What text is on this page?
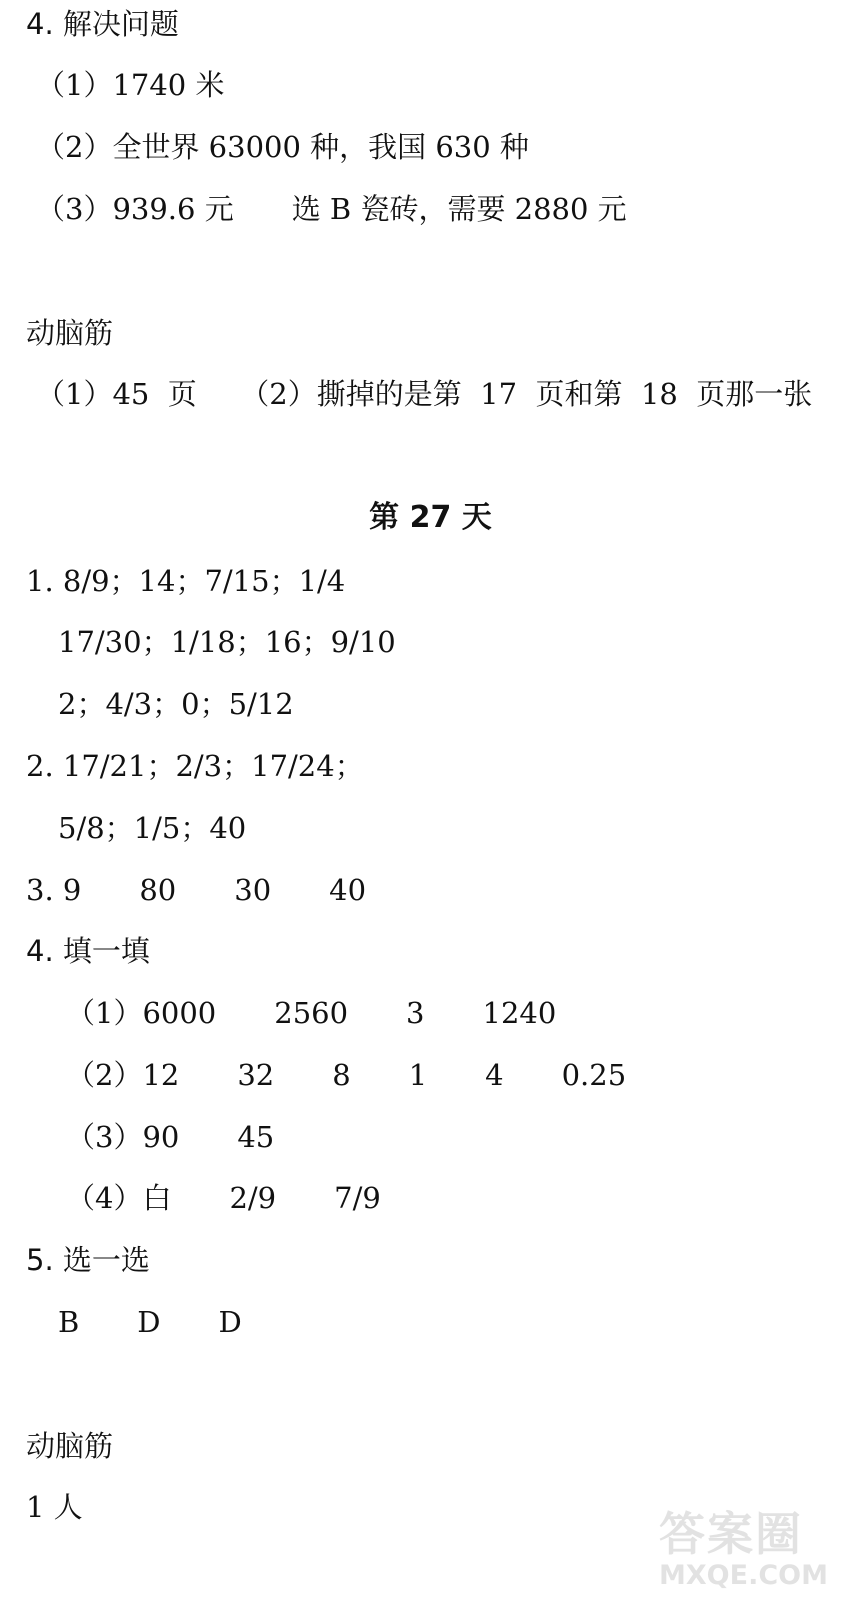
4. 解决问题
（1）1740 米
（2）全世界 63000 种，我国 630 种
（3）939.6 元　　选 B 瓷砖，需要 2880 元
动脑筋
（1）45  页　　（2）撕掉的是第  17  页和第  18  页那一张
第 27 天
1. 8/9；14；7/15；1/4
17/30；1/18；16；9/10
2；4/3；0；5/12
2. 17/21；2/3；17/24；
5/8；1/5；40
3. 9　　80　　30　　40
4. 填一填
（1）6000　　2560　　3　　1240
（2）12　　32　　8　　1　　4　　0.25
（3）90　　45
（4）白　　2/9　　7/9
5. 选一选
B　　D　　D
动脑筋
1 人	答案圈
MXQE.COM
